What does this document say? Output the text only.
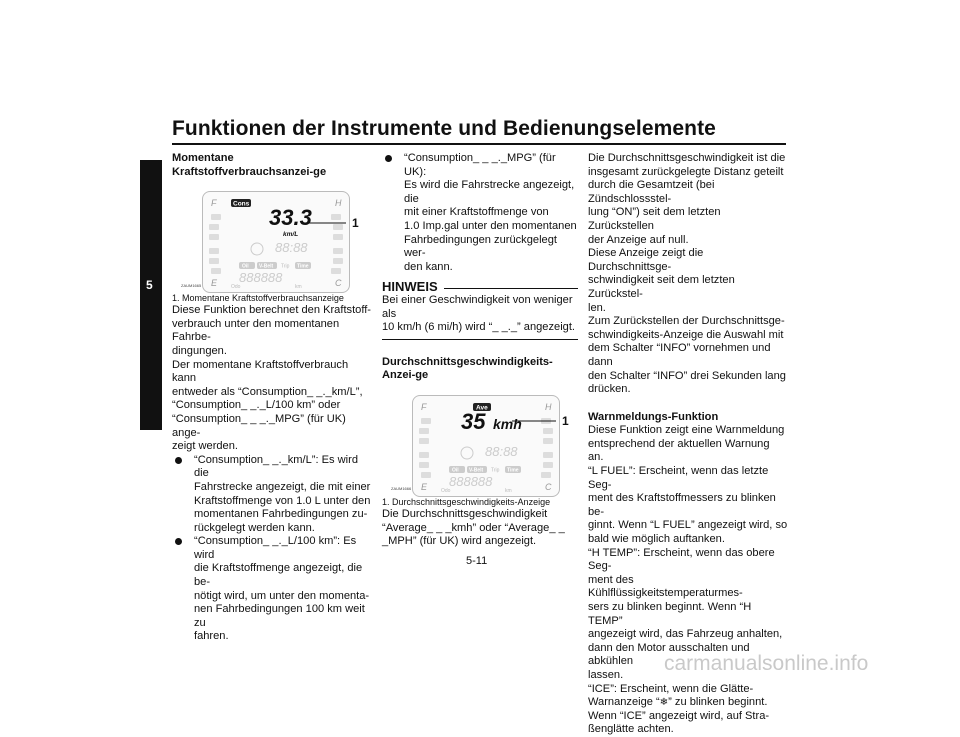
Funktionen der Instrumente und Bedienungselemente
5

Momentane Kraftstoffverbrauchsanzei-ge

F
E
H
C
Cons
33.3
km/L
88:88
Oil V-Belt Trip Time
888888
Odo	km
ZAUM1665
1

1. Momentane Kraftstoffverbrauchsanzeige

Diese Funktion berechnet den Kraftstoff-

verbrauch unter den momentanen Fahrbe-

dingungen.

Der momentane Kraftstoffverbrauch kann

entweder als “Consumption_ _._km/L”,

“Consumption_ _._L/100 km” oder

“Consumption_ _ _._MPG” (für UK) ange-

zeigt werden.

“Consumption_ _._km/L”: Es wird die

Fahrstrecke angezeigt, die mit einer

Kraftstoffmenge von 1.0 L unter den

momentanen Fahrbedingungen zu-

rückgelegt werden kann.

“Consumption_ _._L/100 km”: Es wird

die Kraftstoffmenge angezeigt, die be-

nötigt wird, um unter den momenta-

nen Fahrbedingungen 100 km weit zu

fahren.

“Consumption_ _ _._MPG” (für UK):

Es wird die Fahrstrecke angezeigt, die

mit einer Kraftstoffmenge von

1.0 Imp.gal unter den momentanen

Fahrbedingungen zurückgelegt wer-

den kann.

HINWEIS

Bei einer Geschwindigkeit von weniger als

10 km/h (6 mi/h) wird “_ _._” angezeigt.

Durchschnittsgeschwindigkeits-Anzei-ge

F
E
H
C
Ave
35 kmh
88:88
Oil V-Belt Trip Time
888888
Odo	km
ZAUM1666
1

1. Durchschnittsgeschwindigkeits-Anzeige

Die Durchschnittsgeschwindigkeit

“Average_ _ _kmh” oder “Average_ _

_MPH” (für UK) wird angezeigt.

Die Durchschnittsgeschwindigkeit ist die

insgesamt zurückgelegte Distanz geteilt

durch die Gesamtzeit (bei Zündschlossstel-

lung “ON”) seit dem letzten Zurückstellen

der Anzeige auf null.

Diese Anzeige zeigt die Durchschnittsge-

schwindigkeit seit dem letzten Zurückstel-

len.

Zum Zurückstellen der Durchschnittsge-

schwindigkeits-Anzeige die Auswahl mit

dem Schalter “INFO” vornehmen und dann

den Schalter “INFO” drei Sekunden lang

drücken.

Warnmeldungs-Funktion

Diese Funktion zeigt eine Warnmeldung

entsprechend der aktuellen Warnung an.

“L FUEL”: Erscheint, wenn das letzte Seg-

ment des Kraftstoffmessers zu blinken be-

ginnt. Wenn “L FUEL” angezeigt wird, so

bald wie möglich auftanken.

“H TEMP”: Erscheint, wenn das obere Seg-

ment des Kühlflüssigkeitstemperaturmes-

sers zu blinken beginnt. Wenn “H TEMP”

angezeigt wird, das Fahrzeug anhalten,

dann den Motor ausschalten und abkühlen

lassen.

“ICE”: Erscheint, wenn die Glätte-

Warnanzeige “❄” zu blinken beginnt.

Wenn “ICE” angezeigt wird, auf Stra-

ßenglätte achten.

5-11
carmanualsonline.info
